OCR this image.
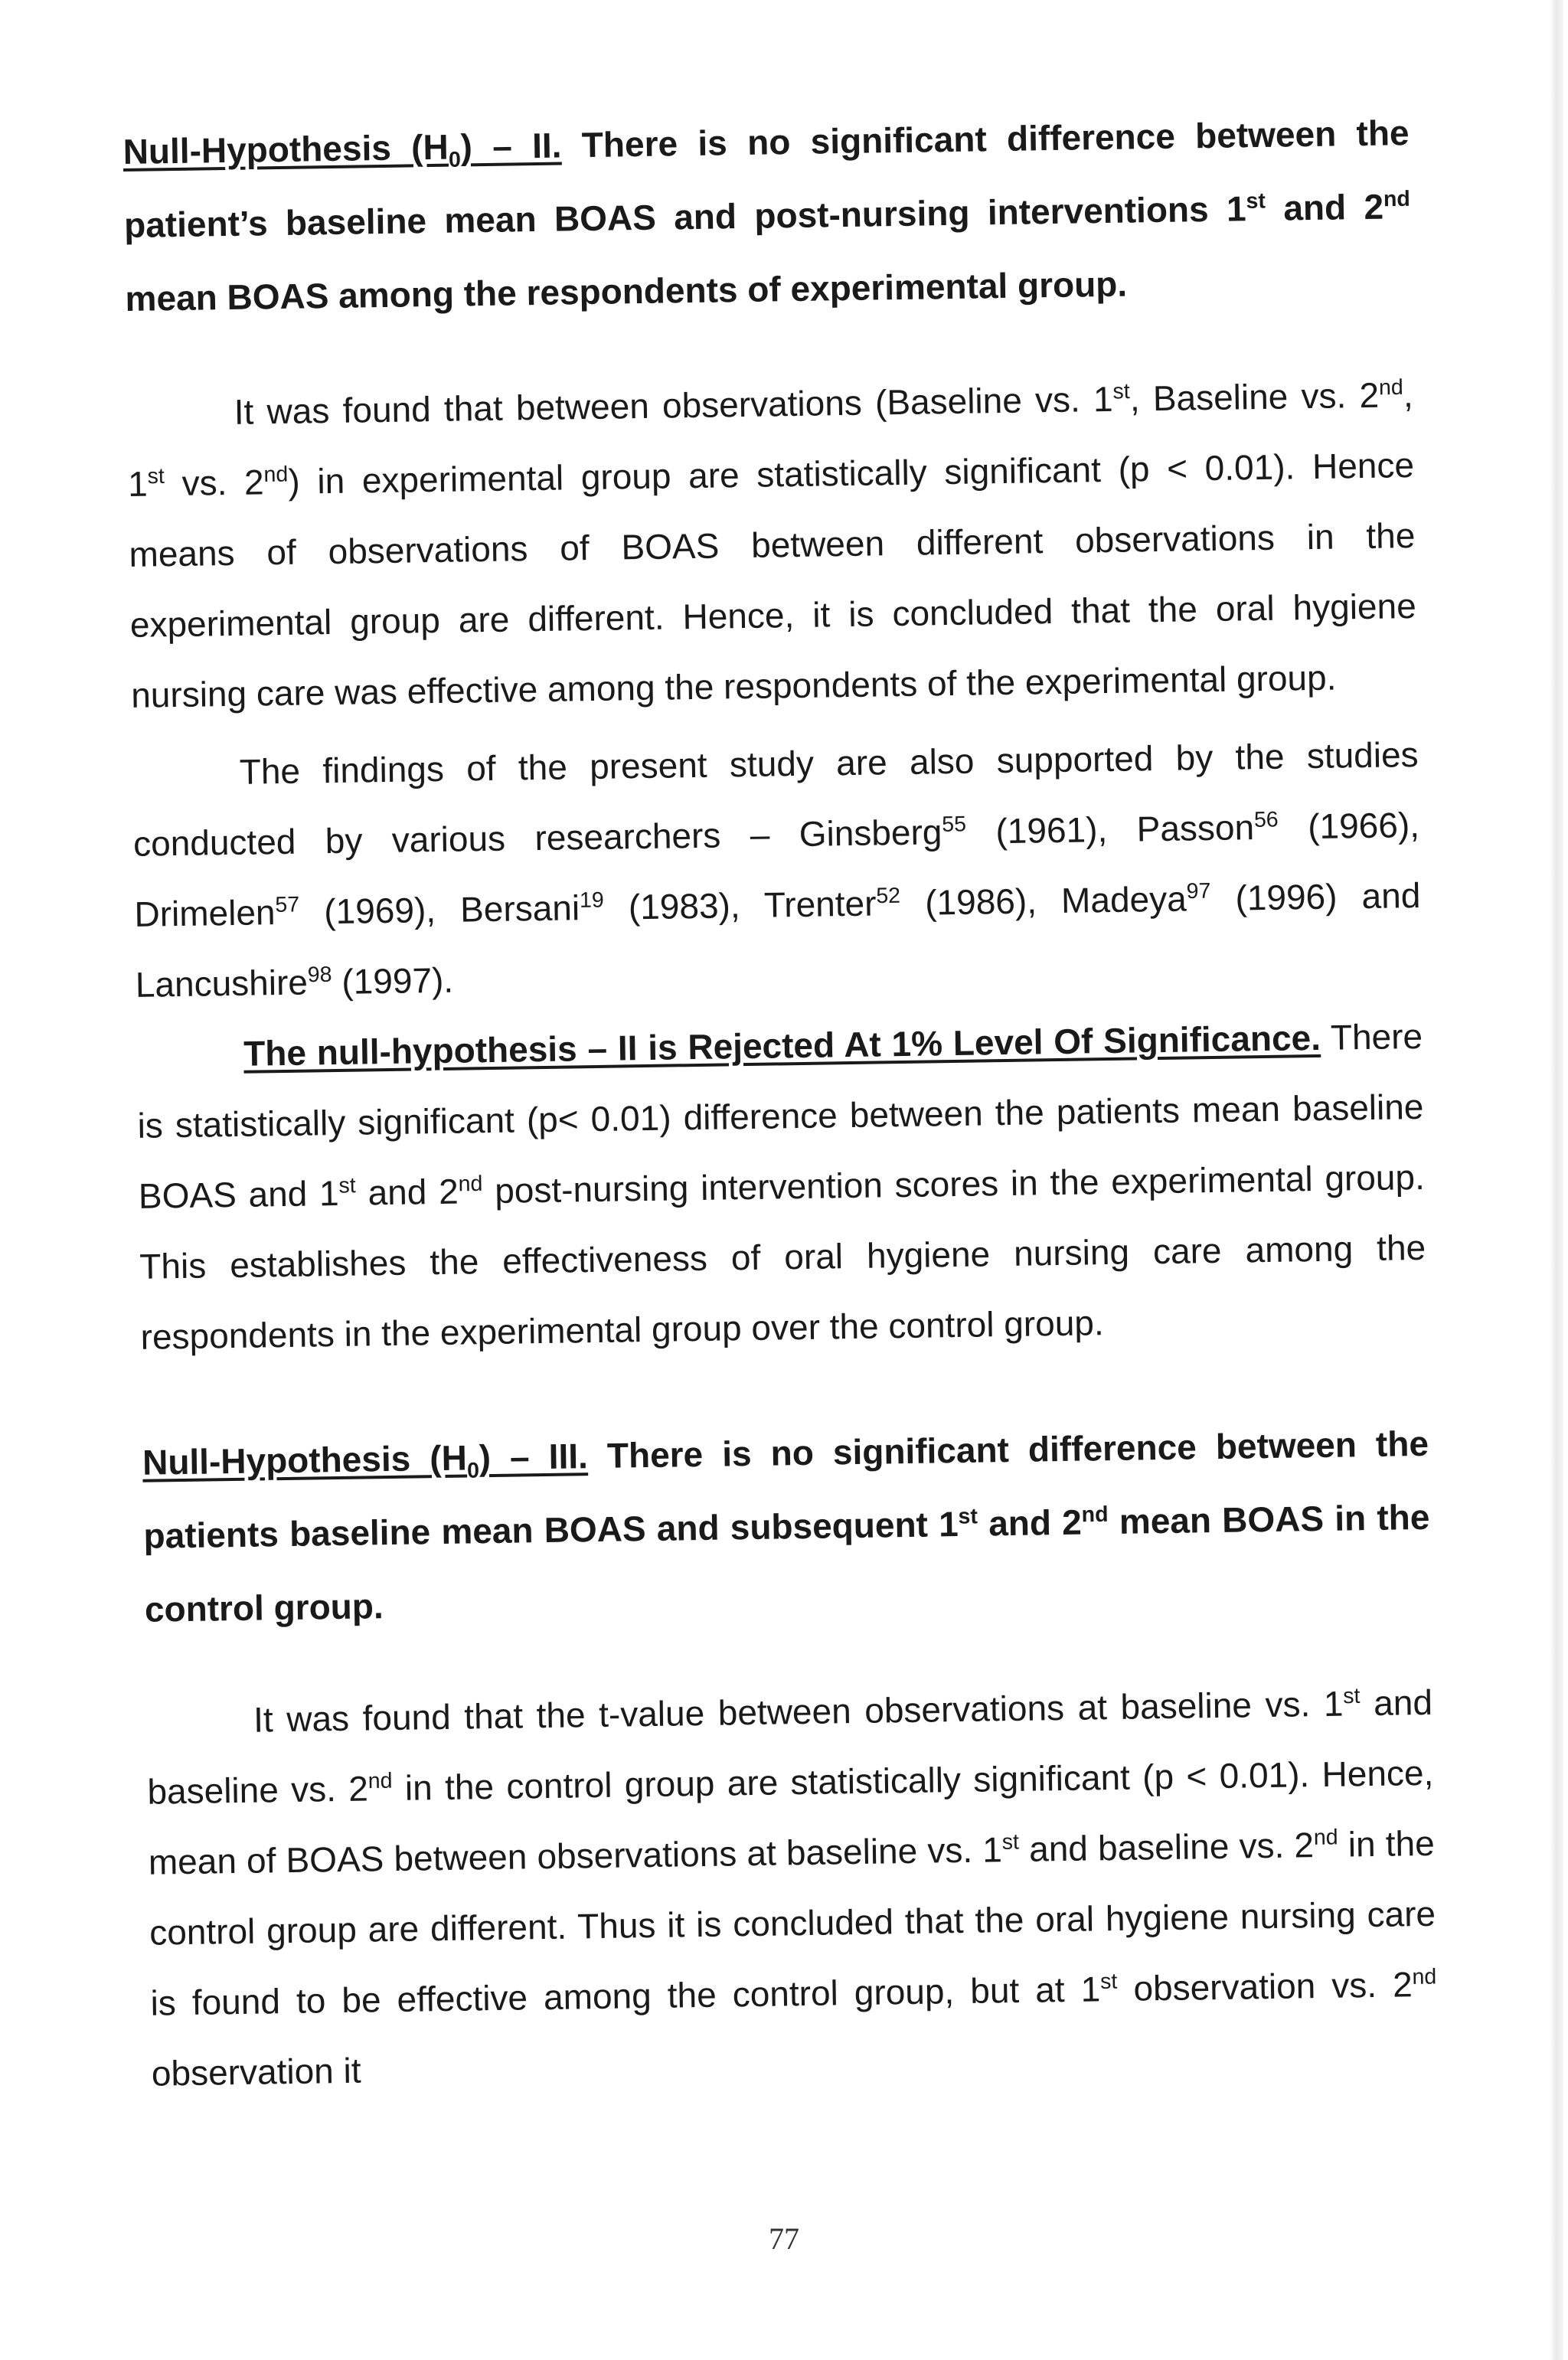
Null-Hypothesis $(H_0)$ – II. There is no significant difference between the patient’s baseline mean BOAS and post-nursing interventions 1st and 2nd mean BOAS among the respondents of experimental group.

It was found that between observations (Baseline vs. 1st, Baseline vs. 2nd, 1st vs. 2nd) in experimental group are statistically significant (p < 0.01). Hence means of observations of BOAS between different observations in the experimental group are different. Hence, it is concluded that the oral hygiene nursing care was effective among the respondents of the experimental group.

The findings of the present study are also supported by the studies conducted by various researchers – Ginsberg$^{55}$ (1961), Passon$^{56}$ (1966), Drimelen$^{57}$ (1969), Bersani$^{19}$ (1983), Trenter$^{52}$ (1986), Madeya$^{97}$ (1996) and Lancushire$^{98}$ (1997).

The null-hypothesis – II is Rejected At 1% Level Of Significance. There is statistically significant (p< 0.01) difference between the patients mean baseline BOAS and 1st and 2nd post-nursing intervention scores in the experimental group. This establishes the effectiveness of oral hygiene nursing care among the respondents in the experimental group over the control group.

Null-Hypothesis $(H_0)$ – III. There is no significant difference between the patients baseline mean BOAS and subsequent 1st and 2nd mean BOAS in the control group.

It was found that the t-value between observations at baseline vs. 1st and baseline vs. 2nd in the control group are statistically significant (p < 0.01). Hence, mean of BOAS between observations at baseline vs. 1st and baseline vs. 2nd in the control group are different. Thus it is concluded that the oral hygiene nursing care is found to be effective among the control group, but at 1st observation vs. 2nd observation it

77
